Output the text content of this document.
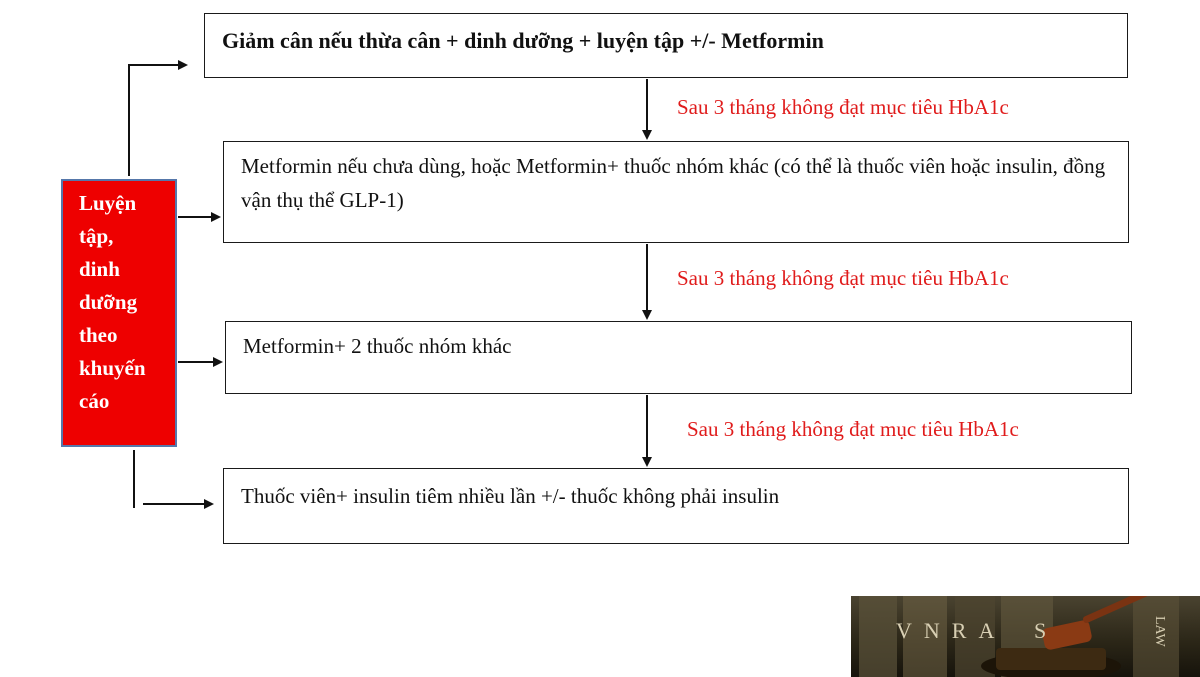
Giảm cân nếu thừa cân + dinh dưỡng + luyện tập +/- Metformin
Metformin nếu chưa dùng, hoặc Metformin+ thuốc nhóm khác (có thể là thuốc viên hoặc insulin, đồng vận thụ thể GLP-1)
Metformin+ 2 thuốc nhóm khác
Thuốc viên+ insulin tiêm nhiều lần +/- thuốc không phải insulin
Sau 3 tháng không đạt mục tiêu HbA1c
Sau 3 tháng không đạt mục tiêu HbA1c
Sau 3 tháng không đạt mục tiêu HbA1c
Luyện
tập,
dinh
dưỡng
theo
khuyến
cáo
VNRA S	LAW
